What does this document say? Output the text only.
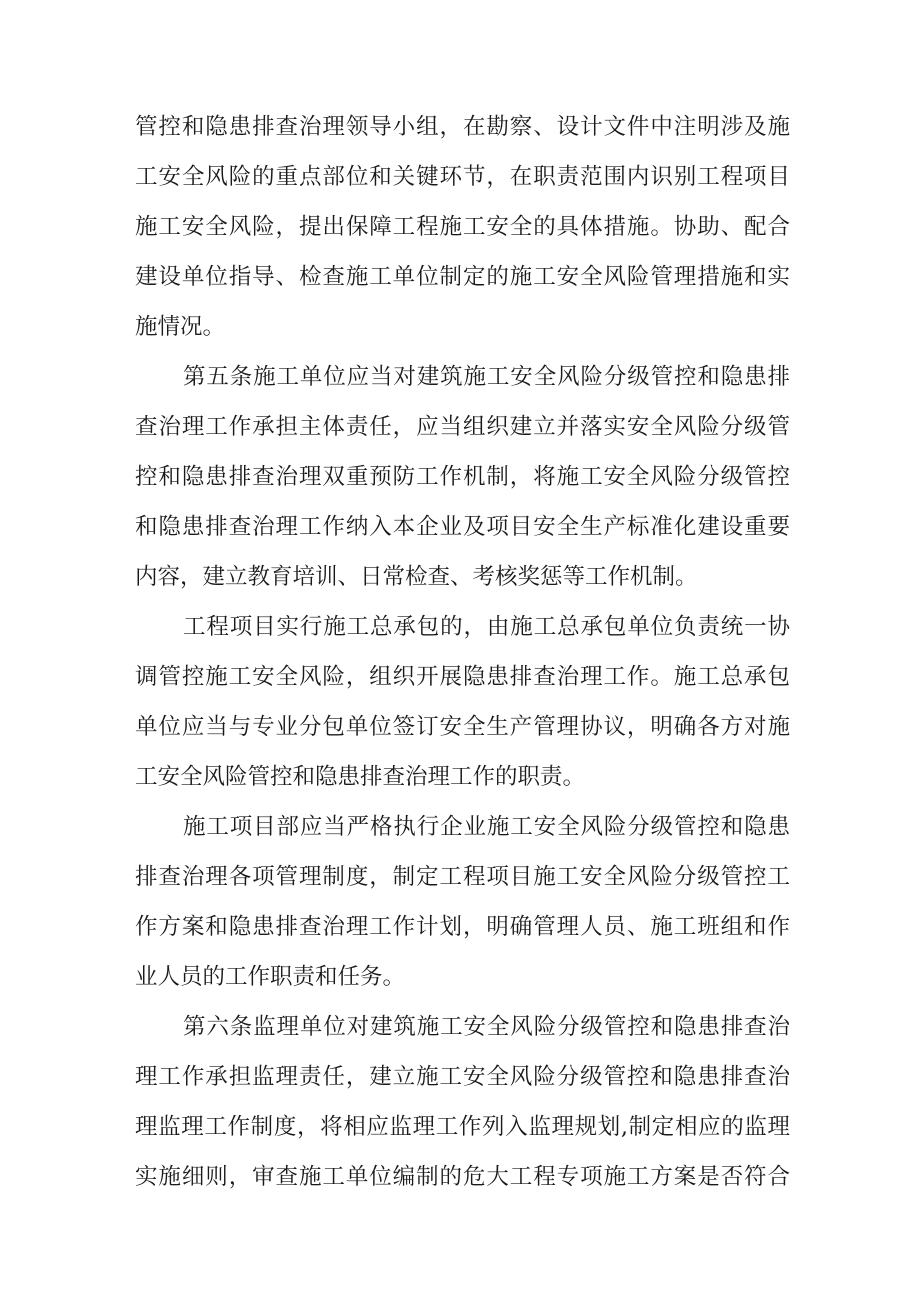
管控和隐患排查治理领导小组，在勘察、设计文件中注明涉及施
工安全风险的重点部位和关键环节，在职责范围内识别工程项目
施工安全风险，提出保障工程施工安全的具体措施。协助、配合
建设单位指导、检查施工单位制定的施工安全风险管理措施和实
施情况。
第五条施工单位应当对建筑施工安全风险分级管控和隐患排
查治理工作承担主体责任，应当组织建立并落实安全风险分级管
控和隐患排查治理双重预防工作机制，将施工安全风险分级管控
和隐患排查治理工作纳入本企业及项目安全生产标准化建设重要
内容，建立教育培训、日常检查、考核奖惩等工作机制。
工程项目实行施工总承包的，由施工总承包单位负责统一协
调管控施工安全风险，组织开展隐患排查治理工作。施工总承包
单位应当与专业分包单位签订安全生产管理协议，明确各方对施
工安全风险管控和隐患排查治理工作的职责。
施工项目部应当严格执行企业施工安全风险分级管控和隐患
排查治理各项管理制度，制定工程项目施工安全风险分级管控工
作方案和隐患排查治理工作计划，明确管理人员、施工班组和作
业人员的工作职责和任务。
第六条监理单位对建筑施工安全风险分级管控和隐患排查治
理工作承担监理责任，建立施工安全风险分级管控和隐患排查治
理监理工作制度，将相应监理工作列入监理规划,制定相应的监理
实施细则，审查施工单位编制的危大工程专项施工方案是否符合
